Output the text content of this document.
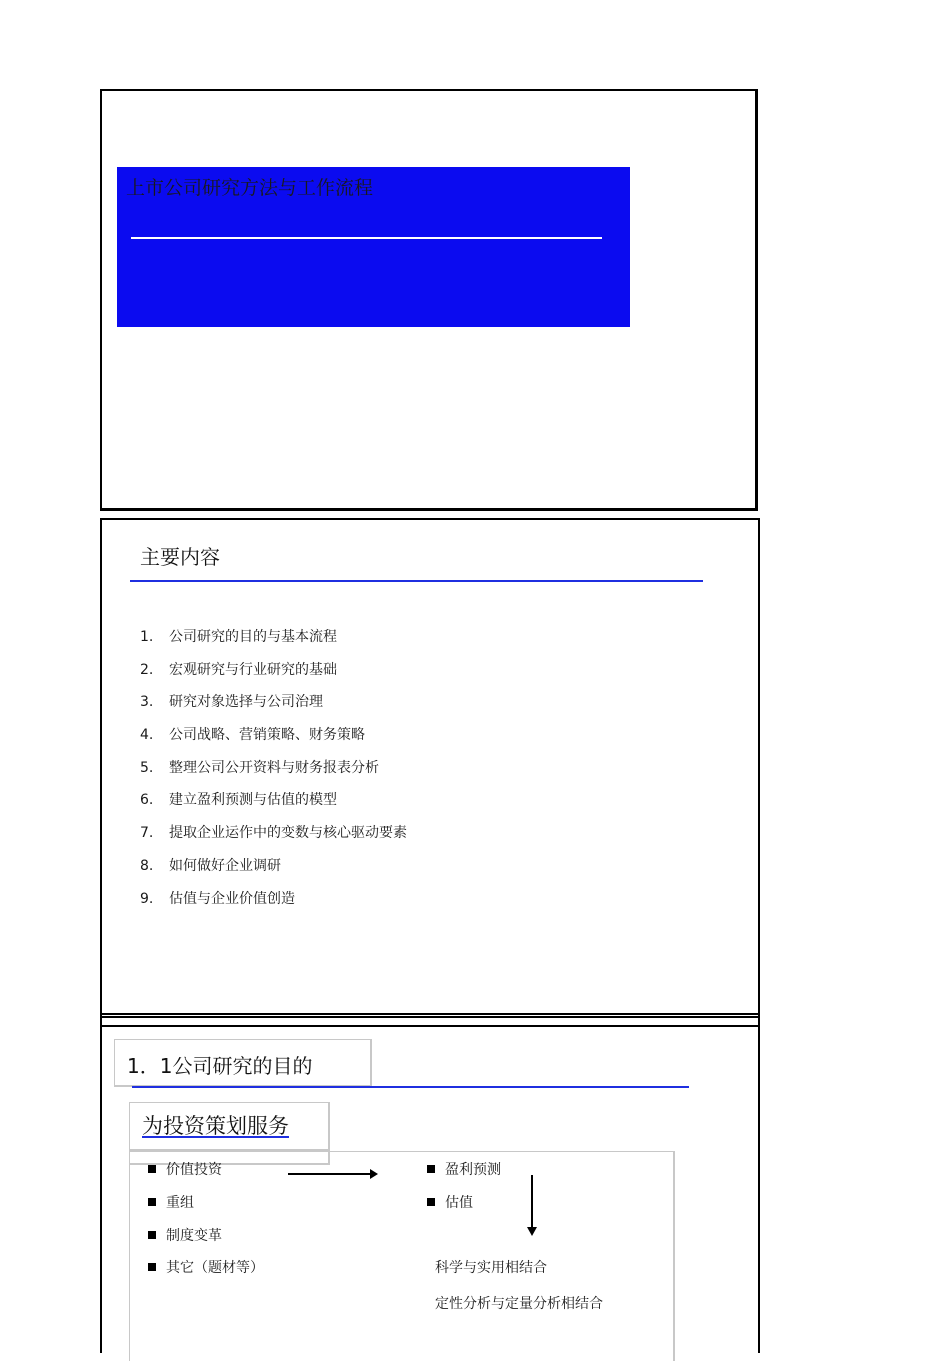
上市公司研究方法与工作流程
主要内容
1. 公司研究的目的与基本流程
2. 宏观研究与行业研究的基础
3. 研究对象选择与公司治理
4. 公司战略、营销策略、财务策略
5. 整理公司公开资料与财务报表分析
6. 建立盈利预测与估值的模型
7. 提取企业运作中的变数与核心驱动要素
8. 如何做好企业调研
9. 估值与企业价值创造
1．1公司研究的目的
为投资策划服务
价值投资
重组
制度变革
其它（题材等）
盈利预测
估值
科学与实用相结合
定性分析与定量分析相结合
